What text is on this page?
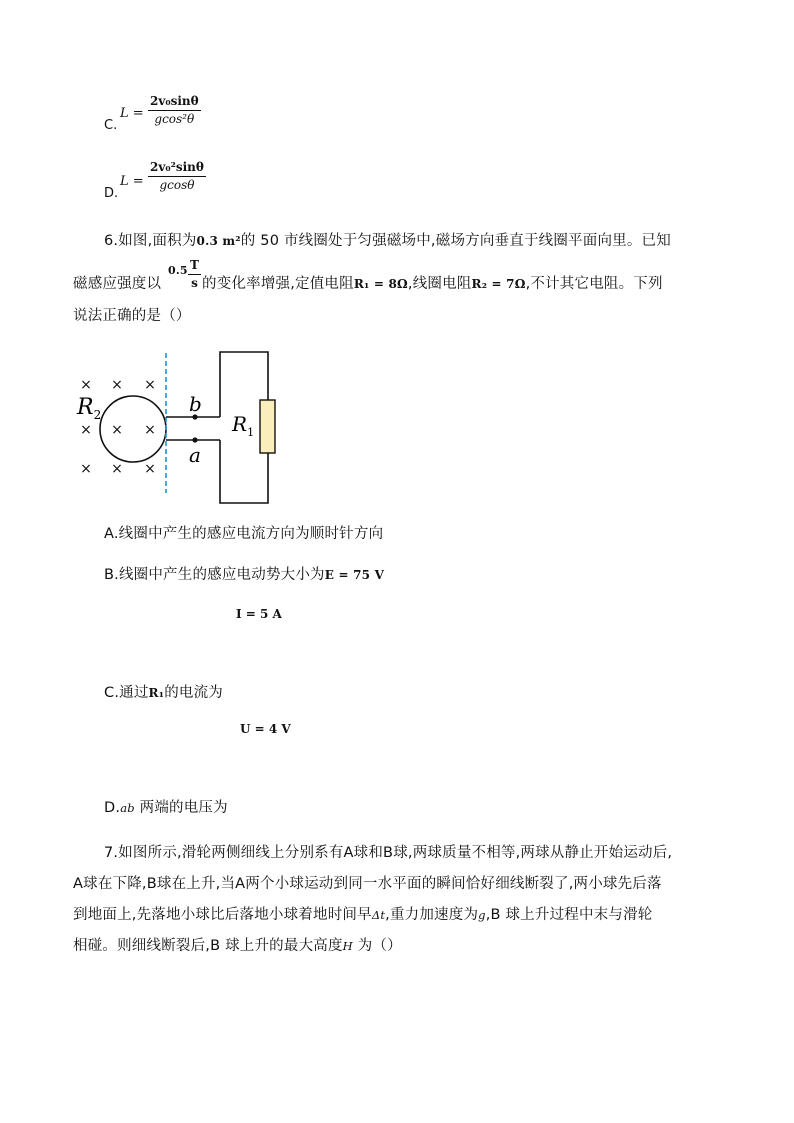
C.
$L = \frac{\text{2v₀sinθ}}{\text{gcos²θ}}$
D.
$L = \frac{\text{2v₀²sinθ}}{gcos\theta}$
6.如图,面积为0.3 m²的 50 市线圈处于匀强磁场中,磁场方向垂直于线圈平面向里。已知
磁感应强度以
$0.5 \frac{T}{s}$ 的变化率增强,定值电阻$_{R_1 = 8\Omega}$,线圈电阻$_{R_2 = 7\Omega}$,不计其它电阻。下列
说法正确的是（）
× × ×
× × ×
× × ×
$R_2$	$R_1$
b
a
A.线圈中产生的感应电流方向为顺时针方向
B.线圈中产生的感应电动势大小为E = 75 V
I = 5 A
C.通过R₁的电流为
U = 4 V
D.ab 两端的电压为
7.如图所示,滑轮两侧细线上分别系有A球和B球,两球质量不相等,两球从静止开始运动后,
A球在下降,B球在上升,当A两个小球运动到同一水平面的瞬间恰好细线断裂了,两小球先后落
到地面上,先落地小球比后落地小球着地时间早Δt,重力加速度为g,B 球上升过程中末与滑轮
相碰。则细线断裂后,B 球上升的最大高度H 为（）
